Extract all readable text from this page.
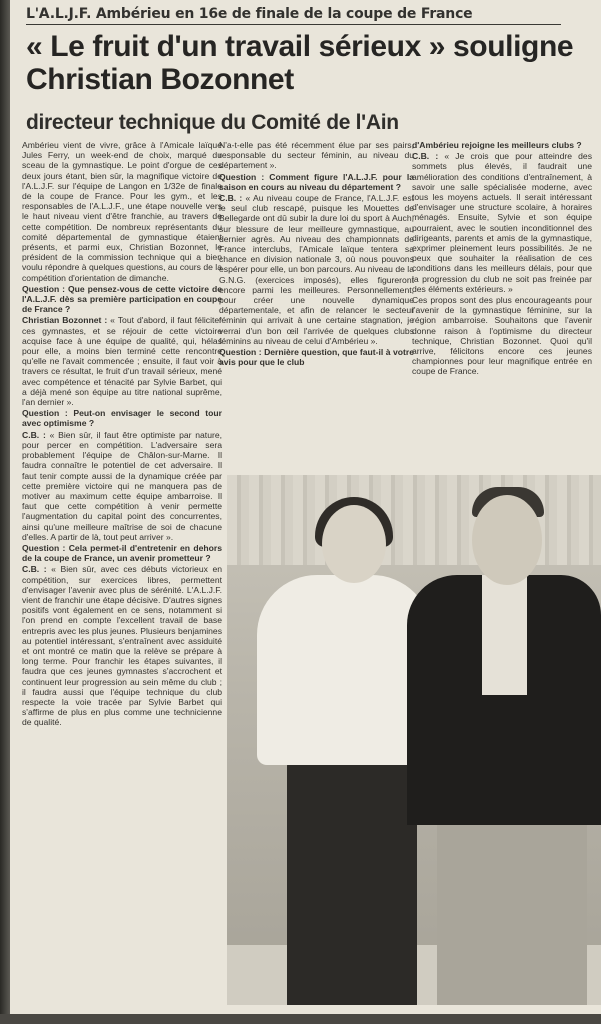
L'A.L.J.F. Ambérieu en 16e de finale de la coupe de France
« Le fruit d'un travail sérieux » souligne Christian Bozonnet
directeur technique du Comité de l'Ain

Ambérieu vient de vivre, grâce à l'Amicale laïque Jules Ferry, un week-end de choix, marqué du sceau de la gymnastique. Le point d'orgue de ces deux jours étant, bien sûr, la magnifique victoire de l'A.L.J.F. sur l'équipe de Langon en 1/32e de finale de la coupe de France. Pour les gym., et les responsables de l'A.L.J.F., une étape nouvelle vers le haut niveau vient d'être franchie, au travers de cette compétition. De nombreux représentants du comité départemental de gymnastique étaient présents, et parmi eux, Christian Bozonnet, le président de la commission technique qui a bien voulu répondre à quelques questions, au cours de la compétition d'orientation de dimanche.

Question : Que pensez-vous de cette victoire de l'A.L.J.F. dès sa première participation en coupe de France ?

Christian Bozonnet : « Tout d'abord, il faut féliciter ces gymnastes, et se réjouir de cette victoire acquise face à une équipe de qualité, qui, hélas pour elle, a moins bien terminé cette rencontre qu'elle ne l'avait commencée ; ensuite, il faut voir à travers ce résultat, le fruit d'un travail sérieux, mené avec compétence et ténacité par Sylvie Barbet, qui a déjà mené son équipe au titre national suprême, l'an dernier ».

Question : Peut-on envisager le second tour avec optimisme ?

C.B. : « Bien sûr, il faut être optimiste par nature, pour percer en compétition. L'adversaire sera probablement l'équipe de Châlon-sur-Marne. Il faudra connaître le potentiel de cet adversaire. Il faut tenir compte aussi de la dynamique créée par cette première victoire qui ne manquera pas de motiver au maximum cette équipe ambarroise. Il faut que cette compétition à venir permette l'augmentation du capital point des concurrentes, ainsi qu'une meilleure maîtrise de soi de chacune d'elles. A partir de là, tout peut arriver ».

Question : Cela permet-il d'entretenir en dehors de la coupe de France, un avenir prometteur ?

C.B. : « Bien sûr, avec ces débuts victorieux en compétition, sur exercices libres, permettent d'envisager l'avenir avec plus de sérénité. L'A.L.J.F. vient de franchir une étape décisive. D'autres signes positifs vont également en ce sens, notamment si l'on prend en compte l'excellent travail de base entrepris avec les plus jeunes. Plusieurs benjamines au potentiel intéressant, s'entraînent avec assiduité et ont montré ce matin que la relève se prépare à long terme. Pour franchir les étapes suivantes, il faudra que ces jeunes gymnastes s'accrochent et continuent leur progression au sein même du club ; il faudra aussi que l'équipe technique du club respecte la voie tracée par Sylvie Barbet qui s'affirme de plus en plus comme une technicienne de qualité.

N'a-t-elle pas été récemment élue par ses pairs, responsable du secteur féminin, au niveau du département ».

Question : Comment figure l'A.L.J.F. pour la saison en cours au niveau du département ?

C.B. : « Au niveau coupe de France, l'A.L.J.F. est le seul club rescapé, puisque les Mouettes de Bellegarde ont dû subir la dure loi du sport à Auch, sur blessure de leur meilleure gymnastique, au dernier agrès. Au niveau des championnats de France interclubs, l'Amicale laïque tentera sa chance en division nationale 3, où nous pouvons espérer pour elle, un bon parcours. Au niveau de la G.N.G. (exercices imposés), elles figureront encore parmi les meilleures. Personnellement, pour créer une nouvelle dynamique départementale, et afin de relancer le secteur féminin qui arrivait à une certaine stagnation, je verrai d'un bon œil l'arrivée de quelques clubs féminins au niveau de celui d'Ambérieu ».

Question : Dernière question, que faut-il à votre avis pour que le club

d'Ambérieu rejoigne les meilleurs clubs ?

C.B. : « Je crois que pour atteindre des sommets plus élevés, il faudrait une amélioration des conditions d'entraînement, à savoir une salle spécialisée moderne, avec tous les moyens actuels. Il serait intéressant d'envisager une structure scolaire, à horaires ménagés. Ensuite, Sylvie et son équipe pourraient, avec le soutien inconditionnel des dirigeants, parents et amis de la gymnastique, exprimer pleinement leurs possibilités. Je ne peux que souhaiter la réalisation de ces conditions dans les meilleurs délais, pour que la progression du club ne soit pas freinée par des éléments extérieurs. »

Ces propos sont des plus encourageants pour l'avenir de la gymnastique féminine, sur la région ambarroise. Souhaitons que l'avenir donne raison à l'optimisme du directeur technique, Christian Bozonnet. Quoi qu'il arrive, félicitons encore ces jeunes championnes pour leur magnifique entrée en coupe de France.
